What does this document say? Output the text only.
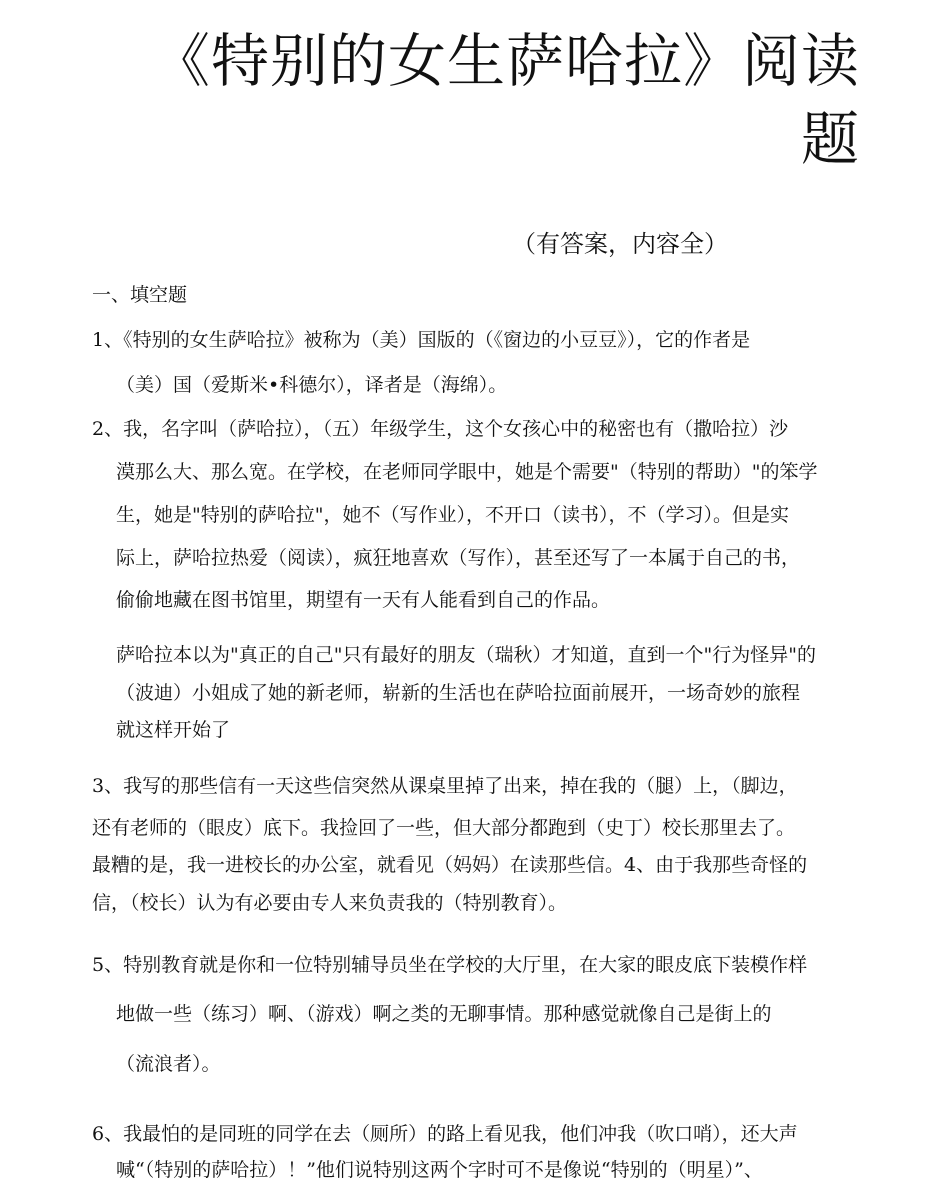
《特别的女生萨哈拉》阅读
题
（有答案，内容全）
一、填空题
1、《特别的女生萨哈拉》被称为（美）国版的（《窗边的小豆豆》），它的作者是
（美）国（爱斯米•科德尔），译者是（海绵）。
2、我，名字叫（萨哈拉），（五）年级学生，这个女孩心中的秘密也有（撒哈拉）沙
漠那么大、那么宽。在学校，在老师同学眼中，她是个需要"（特别的帮助）"的笨学
生，她是"特别的萨哈拉"，她不（写作业），不开口（读书），不（学习）。但是实
际上，萨哈拉热爱（阅读），疯狂地喜欢（写作），甚至还写了一本属于自己的书，
偷偷地藏在图书馆里，期望有一天有人能看到自己的作品。
萨哈拉本以为"真正的自己"只有最好的朋友（瑞秋）才知道，直到一个"行为怪异"的
（波迪）小姐成了她的新老师，崭新的生活也在萨哈拉面前展开，一场奇妙的旅程
就这样开始了
3、我写的那些信有一天这些信突然从课桌里掉了出来，掉在我的（腿）上，（脚边，
还有老师的（眼皮）底下。我捡回了一些，但大部分都跑到（史丁）校长那里去了。
最糟的是，我一进校长的办公室，就看见（妈妈）在读那些信。4、由于我那些奇怪的
信，（校长）认为有必要由专人来负责我的（特别教育）。
5、特别教育就是你和一位特别辅导员坐在学校的大厅里，在大家的眼皮底下装模作样
地做一些（练习）啊、（游戏）啊之类的无聊事情。那种感觉就像自己是街上的
（流浪者）。
6、我最怕的是同班的同学在去（厕所）的路上看见我，他们冲我（吹口哨），还大声
喊“（特别的萨哈拉）！”他们说特别这两个字时可不是像说“特别的（明星）”、
